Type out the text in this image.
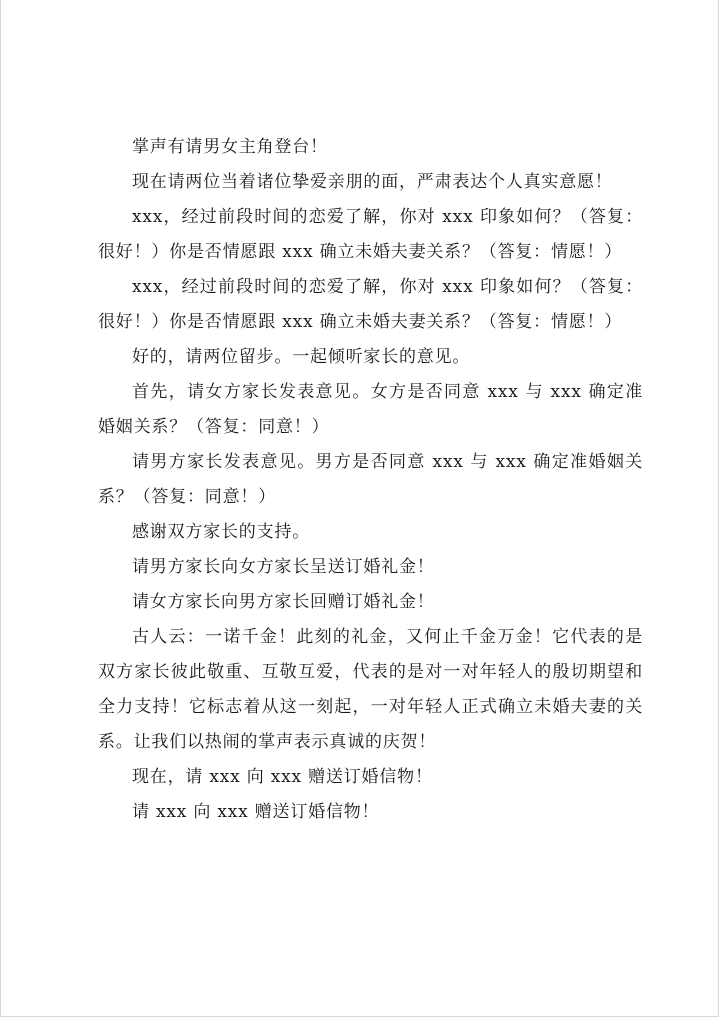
掌声有请男女主角登台！

现在请两位当着诸位挚爱亲朋的面，严肃表达个人真实意愿！

xxx，经过前段时间的恋爱了解，你对 xxx 印象如何？（答复：很好！）你是否情愿跟 xxx 确立未婚夫妻关系？（答复：情愿！）

xxx，经过前段时间的恋爱了解，你对 xxx 印象如何？（答复：很好！）你是否情愿跟 xxx 确立未婚夫妻关系？（答复：情愿！）

好的，请两位留步。一起倾听家长的意见。

首先，请女方家长发表意见。女方是否同意 xxx 与 xxx 确定准婚姻关系？（答复：同意！）

请男方家长发表意见。男方是否同意 xxx 与 xxx 确定准婚姻关系？（答复：同意！）

感谢双方家长的支持。

请男方家长向女方家长呈送订婚礼金！

请女方家长向男方家长回赠订婚礼金！

古人云：一诺千金！此刻的礼金，又何止千金万金！它代表的是双方家长彼此敬重、互敬互爱，代表的是对一对年轻人的殷切期望和全力支持！它标志着从这一刻起，一对年轻人正式确立未婚夫妻的关系。让我们以热闹的掌声表示真诚的庆贺！

现在，请 xxx 向 xxx 赠送订婚信物！

请 xxx 向 xxx 赠送订婚信物！
